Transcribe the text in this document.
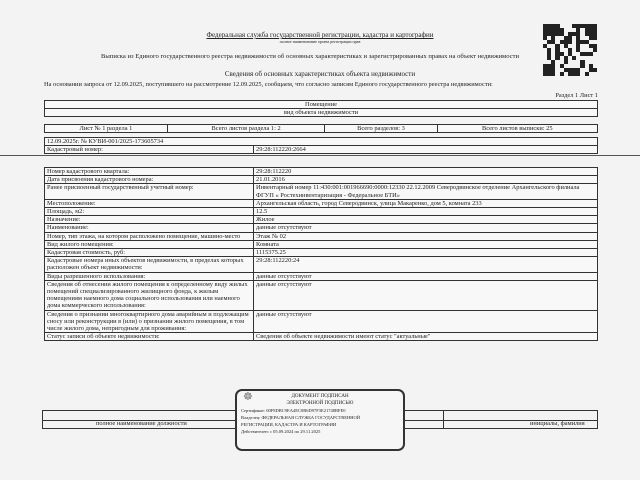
Федеральная служба государственной регистрации, кадастра и картографии
полное наименование органа регистрации прав
Выписка из Единого государственного реестра недвижимости об основных характеристиках и зарегистрированных правах на объект недвижимости
Сведения об основных характеристиках объекта недвижимости
На основании запроса от 12.09.2025, поступившего на рассмотрение 12.09.2025, сообщаем, что согласно записям Единого государственного реестра недвижимости:
Раздел 1 Лист 1
Помещение
вид объекта недвижимости
Лист № 1 раздела 1	Всего листов раздела 1: 2	Всего разделов: 3	Всего листов выписки: 25
12.09.2025г. № КУВИ-001/2025-173605734
Кадастровый номер:	29:28:112220:2664
Номер кадастрового квартала:	29:28:112220
Дата присвоения кадастрового номера:	21.01.2016
Ранее присвоенный государственный учетный номер:	Инвентарный номер 11:430:001:001966690:0000:12330 22.12.2009 Северодвинское отделение Архангельского филиала ФГУП « Ростехинвентаризация - Федеральное БТИ»
Местоположение:	Архангельская область, город Северодвинск, улица Макаренко, дом 5, комната 233
Площадь, м2:	12.5
Назначение:	Жилое
Наименование:	данные отсутствуют
Номер, тип этажа, на котором расположено помещение, машино-место	Этаж № 02
Вид жилого помещения:	Комната
Кадастровая стоимость, руб:	1115375.25
Кадастровые номера иных объектов недвижимости, в пределах которых расположен объект недвижимости:	29:28:112220:24
Виды разрешенного использования:	данные отсутствуют
Сведения об отнесении жилого помещения к определенному виду жилых помещений специализированного жилищного фонда, к жилым помещениям наемного дома социального использования или наемного дома коммерческого использования:	данные отсутствуют
Сведения о признании многоквартирного дома аварийным и подлежащим сносу или реконструкции в (или) о признании жилого помещения, в том числе жилого дома, непригодным для проживания:	данные отсутствуют
Статус записи об объекте недвижимости:	Сведения об объекте недвижимости имеют статус "актуальные"
полное наименование должности	инициалы, фамилия
☸	ДОКУМЕНТ ПОДПИСАН
ЭЛЕКТРОННОЙ ПОДПИСЬЮ
Сертификат: 00F8DBC9EA4EC0B6D97F3E21748BFE0
Владелец: ФЕДЕРАЛЬНАЯ СЛУЖБА ГОСУДАРСТВЕННОЙ
РЕГИСТРАЦИИ, КАДАСТРА И КАРТОГРАФИИ
Действителен: с 05.09.2024 по 29.11.2025
